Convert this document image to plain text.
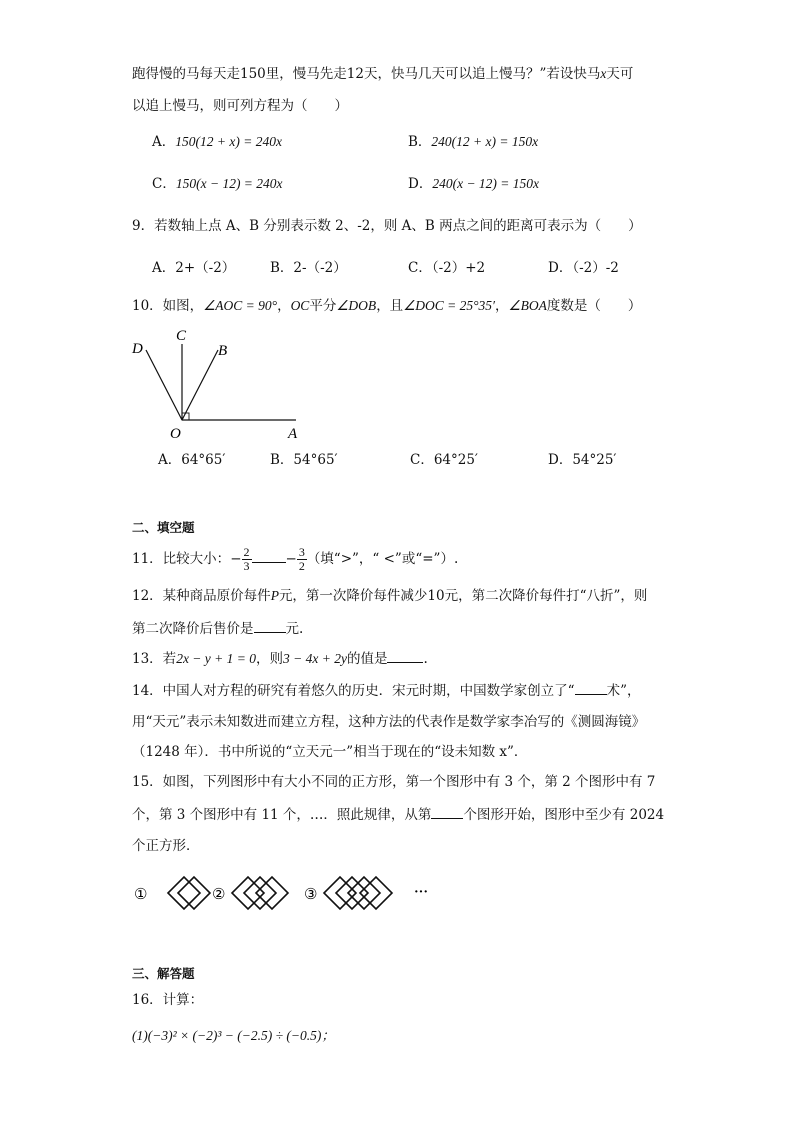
跑得慢的马每天走150里，慢马先走12天，快马几天可以追上慢马？”若设快马x天可
以追上慢马，则可列方程为（　　）
A．150(12 + x) = 240x	B．240(12 + x) = 150x
C．150(x − 12) = 240x	D．240(x − 12) = 150x
9．若数轴上点 A、B 分别表示数 2、-2，则 A、B 两点之间的距离可表示为（　　）
A．2+（-2）	B．2-（-2）	C．（-2）+2	D．（-2）-2
10．如图，∠AOC = 90°，OC平分∠DOB，且∠DOC = 25°35′，∠BOA度数是（　　）
C
D	B
O	A
A．64°65′	B．54°65′	C．64°25′	D．54°25′
二、填空题
11．比较大小：− $\frac{2}{3}$	− $\frac{3}{2}$ （填“>”，“ <”或“=”）.
12．某种商品原价每件P元，第一次降价每件减少10元，第二次降价每件打“八折”，则
第二次降价后售价是 元.
13．若2x − y + 1 = 0，则3 − 4x + 2y的值是	.
14．中国人对方程的研究有着悠久的历史．宋元时期，中国数学家创立了“ 术”，
用“天元”表示未知数进而建立方程，这种方法的代表作是数学家李冶写的《测圆海镜》
（1248 年）．书中所说的“立天元一”相当于现在的“设未知数 x”．
15．如图，下列图形中有大小不同的正方形，第一个图形中有 3 个，第 2 个图形中有 7
个，第 3 个图形中有 11 个，…．照此规律，从第 个图形开始，图形中至少有 2024
个正方形．
①	②	③	···
三、解答题
16．计算：
(1)(−3)² × (−2)³ − (−2.5) ÷ (−0.5)；
